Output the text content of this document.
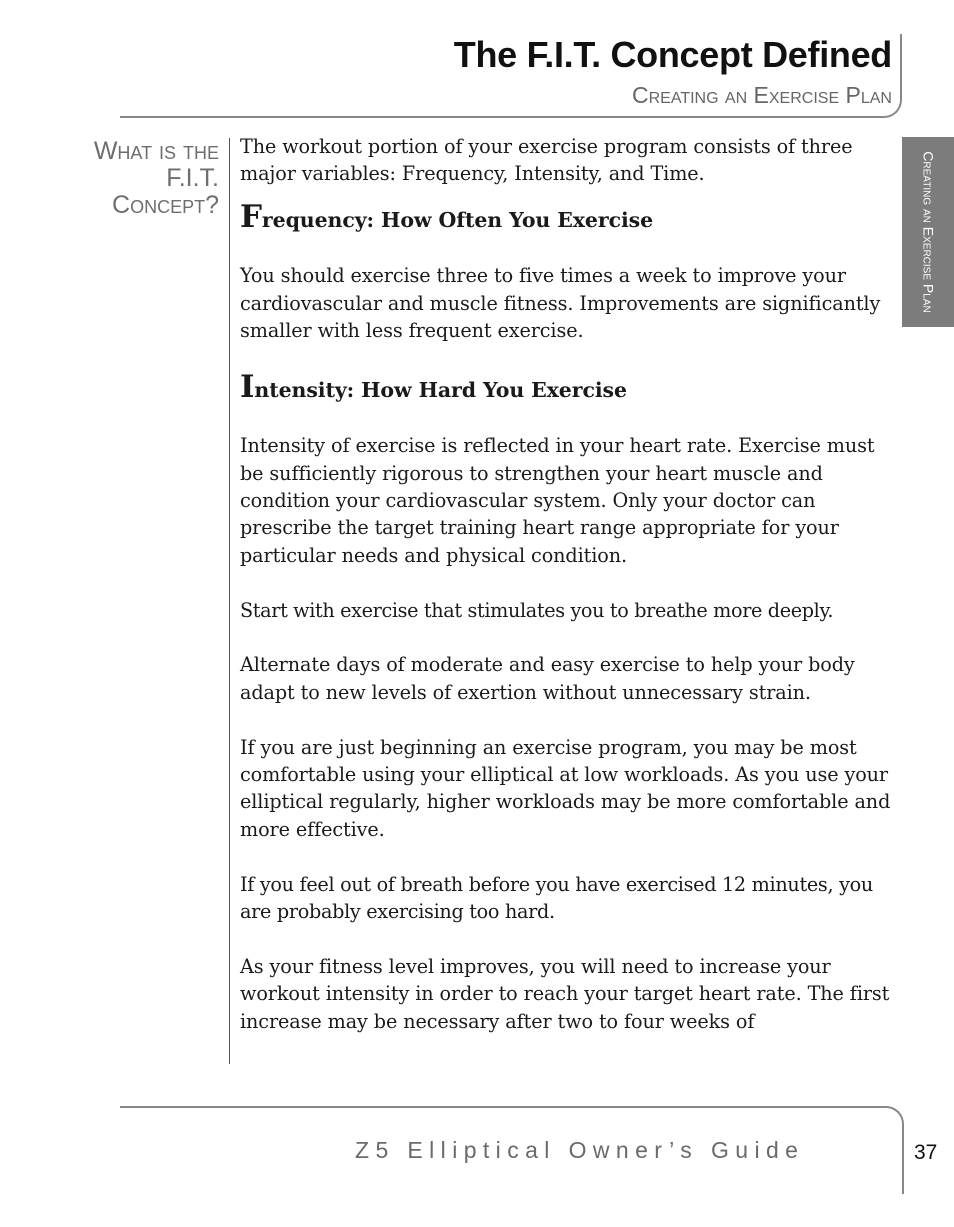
The F.I.T. Concept Defined
Creating an Exercise Plan
Creating an Exercise Plan
What is the
F.I.T.
Concept?

The workout portion of your exercise program consists of three major variables: Frequency, Intensity, and Time.

Frequency: How Often You Exercise

You should exercise three to five times a week to improve your cardiovascular and muscle fitness. Improvements are significantly smaller with less frequent exercise.

Intensity: How Hard You Exercise

Intensity of exercise is reflected in your heart rate. Exercise must be sufficiently rigorous to strengthen your heart muscle and condition your cardiovascular system. Only your doctor can prescribe the target training heart range appropriate for your particular needs and physical condition.

Start with exercise that stimulates you to breathe more deeply.

Alternate days of moderate and easy exercise to help your body adapt to new levels of exertion without unnecessary strain.

If you are just beginning an exercise program, you may be most comfortable using your elliptical at low workloads. As you use your elliptical regularly, higher workloads may be more comfortable and more effective.

If you feel out of breath before you have exercised 12 minutes, you are probably exercising too hard.

As your fitness level improves, you will need to increase your workout intensity in order to reach your target heart rate. The first increase may be necessary after two to four weeks of

Z5 Elliptical Owner’s Guide	37
